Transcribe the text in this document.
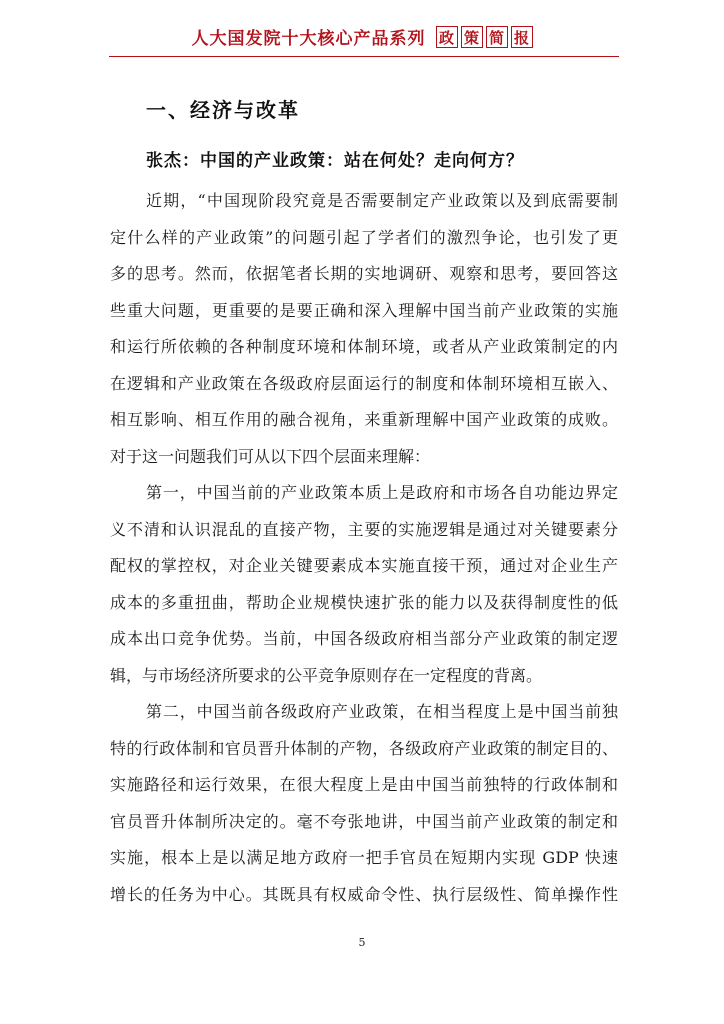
人大国发院十大核心产品系列 政 策 简 报
一、经济与改革
张杰：中国的产业政策：站在何处？走向何方？
近期，“中国现阶段究竟是否需要制定产业政策以及到底需要制
定什么样的产业政策”的问题引起了学者们的激烈争论，也引发了更
多的思考。然而，依据笔者长期的实地调研、观察和思考，要回答这
些重大问题，更重要的是要正确和深入理解中国当前产业政策的实施
和运行所依赖的各种制度环境和体制环境，或者从产业政策制定的内
在逻辑和产业政策在各级政府层面运行的制度和体制环境相互嵌入、
相互影响、相互作用的融合视角，来重新理解中国产业政策的成败。
对于这一问题我们可从以下四个层面来理解：
第一，中国当前的产业政策本质上是政府和市场各自功能边界定
义不清和认识混乱的直接产物，主要的实施逻辑是通过对关键要素分
配权的掌控权，对企业关键要素成本实施直接干预，通过对企业生产
成本的多重扭曲，帮助企业规模快速扩张的能力以及获得制度性的低
成本出口竞争优势。当前，中国各级政府相当部分产业政策的制定逻
辑，与市场经济所要求的公平竞争原则存在一定程度的背离。
第二，中国当前各级政府产业政策，在相当程度上是中国当前独
特的行政体制和官员晋升体制的产物，各级政府产业政策的制定目的、
实施路径和运行效果，在很大程度上是由中国当前独特的行政体制和
官员晋升体制所决定的。毫不夸张地讲，中国当前产业政策的制定和
实施，根本上是以满足地方政府一把手官员在短期内实现 GDP 快速
增长的任务为中心。其既具有权威命令性、执行层级性、简单操作性
5
